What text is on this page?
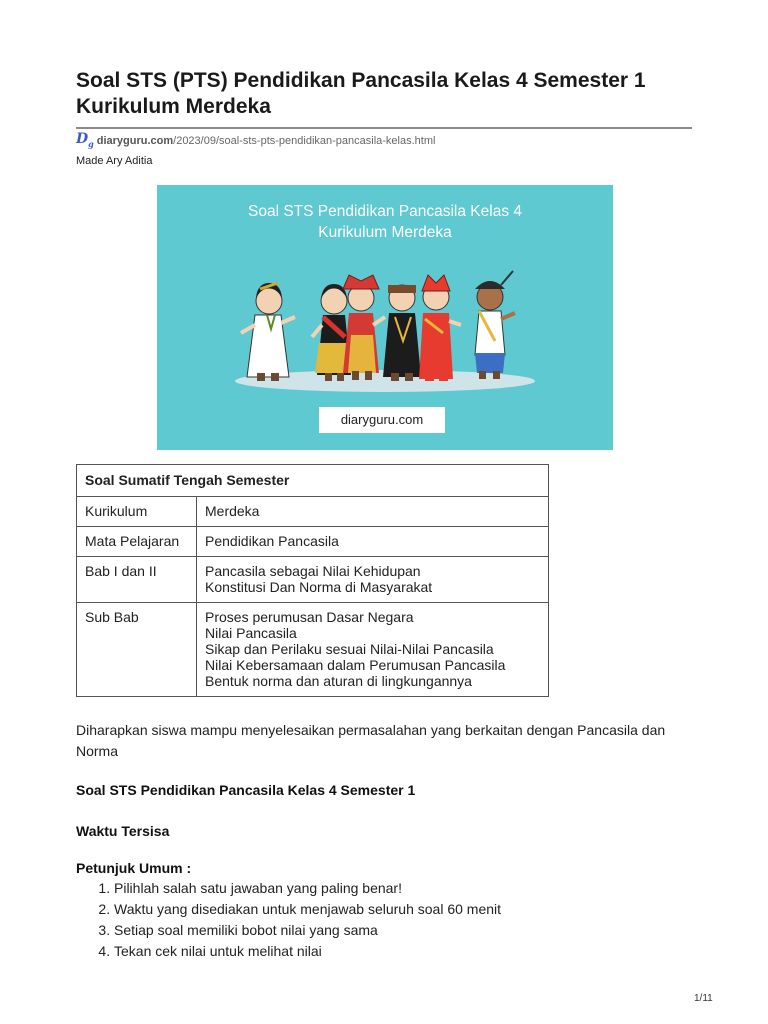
Soal STS (PTS) Pendidikan Pancasila Kelas 4 Semester 1 Kurikulum Merdeka
$D_g$ diaryguru.com /2023/09/soal-sts-pts-pendidikan-pancasila-kelas.html
Made Ary Aditia
Soal STS Pendidikan Pancasila Kelas 4
Kurikulum Merdeka
diaryguru.com
Soal Sumatif Tengah Semester	
Kurikulum	Merdeka

Mata Pelajaran	Pendidikan Pancasila

Bab I dan II	Pancasila sebagai Nilai Kehidupan
Konstitusi Dan Norma di Masyarakat

Sub Bab	Proses perumusan Dasar Negara
Nilai Pancasila
Sikap dan Perilaku sesuai Nilai-Nilai Pancasila
Nilai Kebersamaan dalam Perumusan Pancasila
Bentuk norma dan aturan di lingkungannya
Diharapkan siswa mampu menyelesaikan permasalahan yang berkaitan dengan Pancasila dan Norma
Soal STS Pendidikan Pancasila Kelas 4 Semester 1
Waktu Tersisa
Petunjuk Umum :
1. Pilihlah salah satu jawaban yang paling benar!
2. Waktu yang disediakan untuk menjawab seluruh soal 60 menit
3. Setiap soal memiliki bobot nilai yang sama
4. Tekan cek nilai untuk melihat nilai
1/11
